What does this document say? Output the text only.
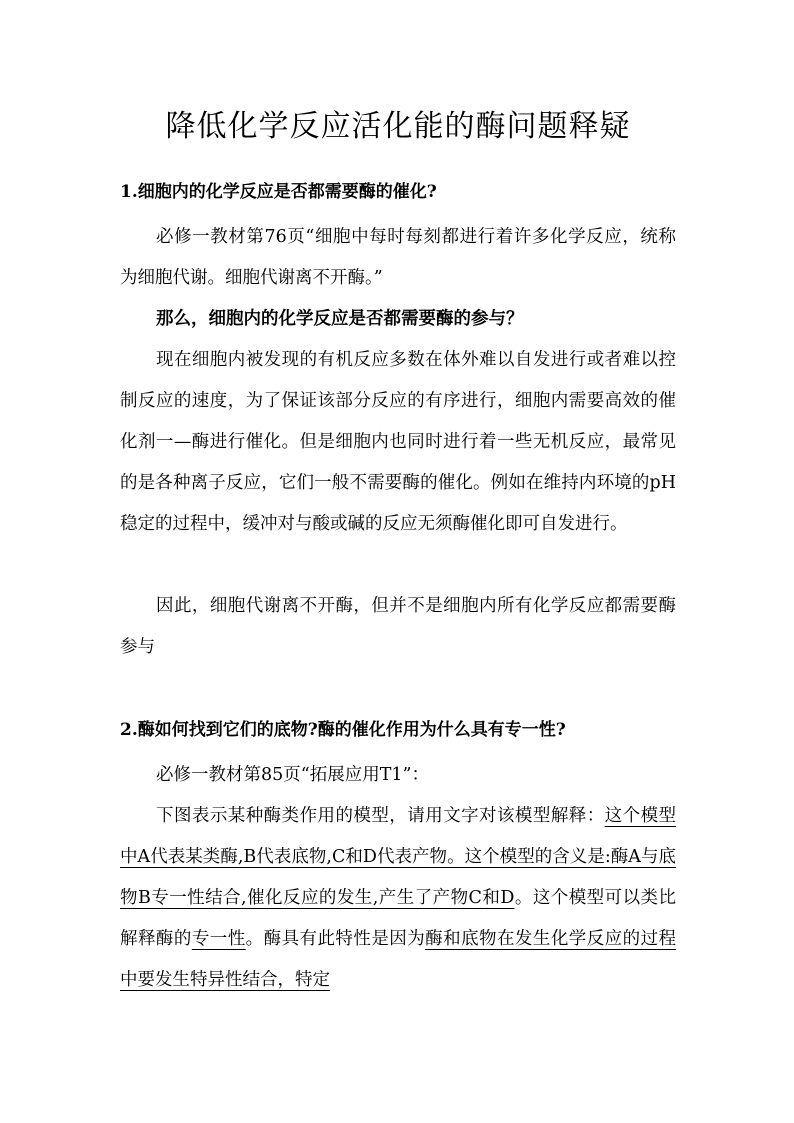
降低化学反应活化能的酶问题释疑
1.细胞内的化学反应是否都需要酶的催化?

必修一教材第76页“细胞中每时每刻都进行着许多化学反应，统称为细胞代谢。细胞代谢离不开酶。”

那么，细胞内的化学反应是否都需要酶的参与？

现在细胞内被发现的有机反应多数在体外难以自发进行或者难以控制反应的速度，为了保证该部分反应的有序进行，细胞内需要高效的催化剂一—酶进行催化。但是细胞内也同时进行着一些无机反应，最常见的是各种离子反应，它们一般不需要酶的催化。例如在维持内环境的pH稳定的过程中，缓冲对与酸或碱的反应无须酶催化即可自发进行。

因此，细胞代谢离不开酶，但并不是细胞内所有化学反应都需要酶参与

2.酶如何找到它们的底物?酶的催化作用为什么具有专一性?

必修一教材第85页“拓展应用T1”：

下图表示某种酶类作用的模型，请用文字对该模型解释：这个模型中A代表某类酶,B代表底物,C和D代表产物。这个模型的含义是:酶A与底物B专一性结合,催化反应的发生,产生了产物C和D。这个模型可以类比解释酶的专一性。酶具有此特性是因为酶和底物在发生化学反应的过程中要发生特异性结合，特定
